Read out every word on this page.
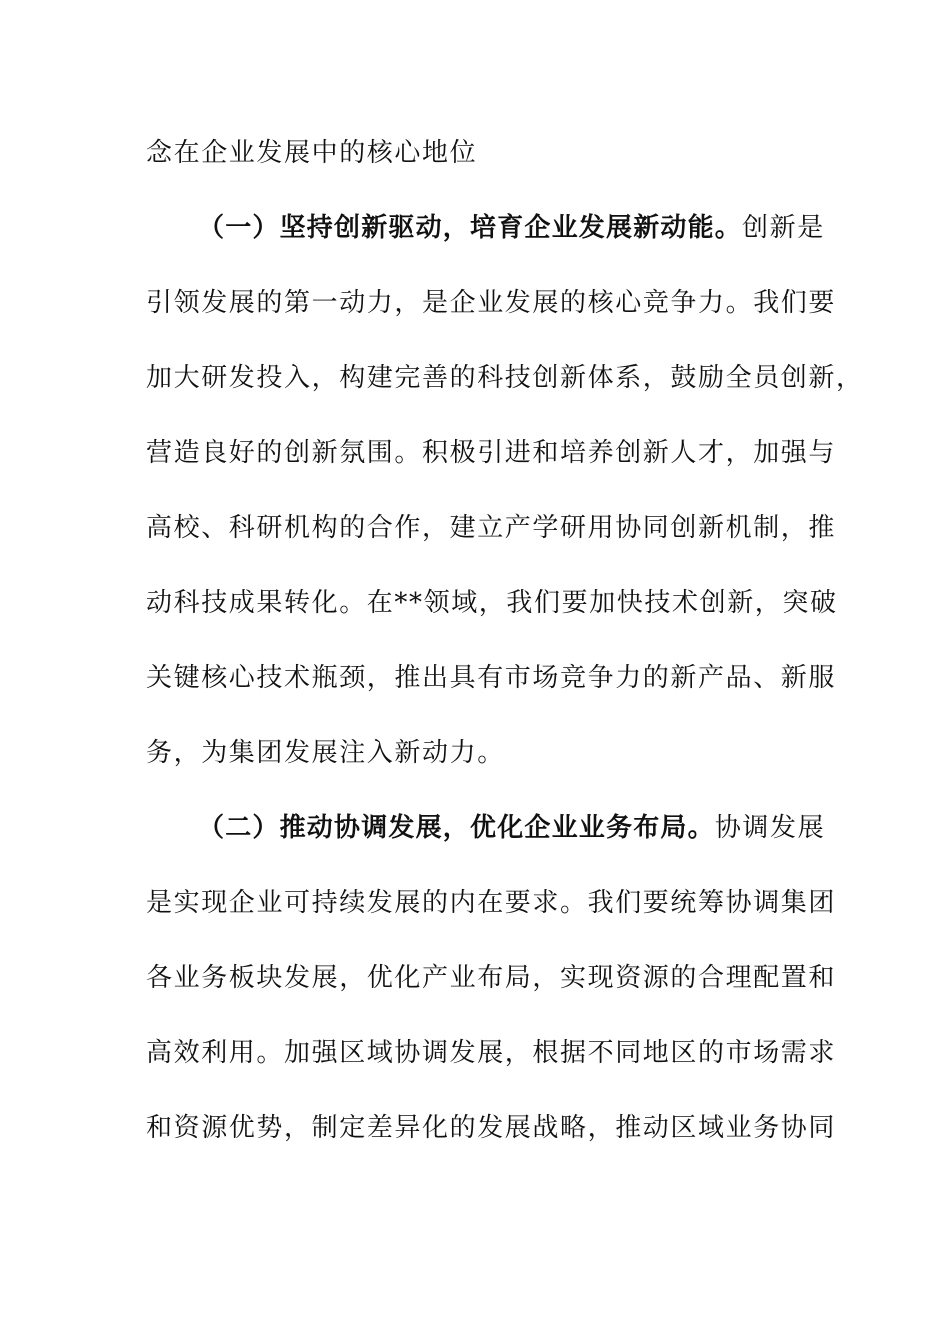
念在企业发展中的核心地位
（一）坚持创新驱动，培育企业发展新动能。创新是
引领发展的第一动力，是企业发展的核心竞争力。我们要
加大研发投入，构建完善的科技创新体系，鼓励全员创新，
营造良好的创新氛围。积极引进和培养创新人才，加强与
高校、科研机构的合作，建立产学研用协同创新机制，推
动科技成果转化。在**领域，我们要加快技术创新，突破
关键核心技术瓶颈，推出具有市场竞争力的新产品、新服
务，为集团发展注入新动力。
（二）推动协调发展，优化企业业务布局。协调发展
是实现企业可持续发展的内在要求。我们要统筹协调集团
各业务板块发展，优化产业布局，实现资源的合理配置和
高效利用。加强区域协调发展，根据不同地区的市场需求
和资源优势，制定差异化的发展战略，推动区域业务协同
